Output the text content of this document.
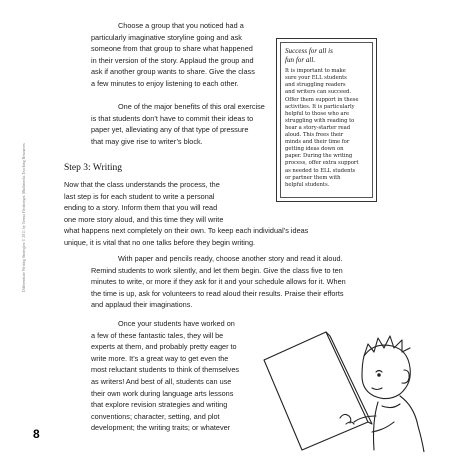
Differentiate Writing Strategies © 2011 by Teresa Heinberger. Multimedia Teaching Resources
Choose a group that you noticed had a
particularly imaginative storyline going and ask
someone from that group to share what happened
in their version of the story. Applaud the group and
ask if another group wants to share. Give the class
a few minutes to enjoy listening to each other.
One of the major benefits of this oral exercise
is that students don’t have to commit their ideas to
paper yet, alleviating any of that type of pressure
that may give rise to writer’s block.
Step 3: Writing
Now that the class understands the process, the
last step is for each student to write a personal
ending to a story. Inform them that you will read
one more story aloud, and this time they will write
what happens next completely on their own. To keep each individual’s ideas
unique, it is vital that no one talks before they begin writing.
With paper and pencils ready, choose another story and read it aloud.
Remind students to work silently, and let them begin. Give the class five to ten
minutes to write, or more if they ask for it and your schedule allows for it. When
the time is up, ask for volunteers to read aloud their results. Praise their efforts
and applaud their imaginations.
Once your students have worked on
a few of these fantastic tales, they will be
experts at them, and probably pretty eager to
write more. It’s a great way to get even the
most reluctant students to think of themselves
as writers! And best of all, students can use
their own work during language arts lessons
that explore revision strategies and writing
conventions; character, setting, and plot
development; the writing traits; or whatever
Success for all is
fun for all.
It is important to make
sure your ELL students
and struggling readers
and writers can succeed.
Offer them support in these
activities. It is particularly
helpful to those who are
struggling with reading to
hear a story-starter read
aloud. This frees their
minds and their time for
getting ideas down on
paper. During the writing
process, offer extra support
as needed to ELL students
or partner them with
helpful students.
8
